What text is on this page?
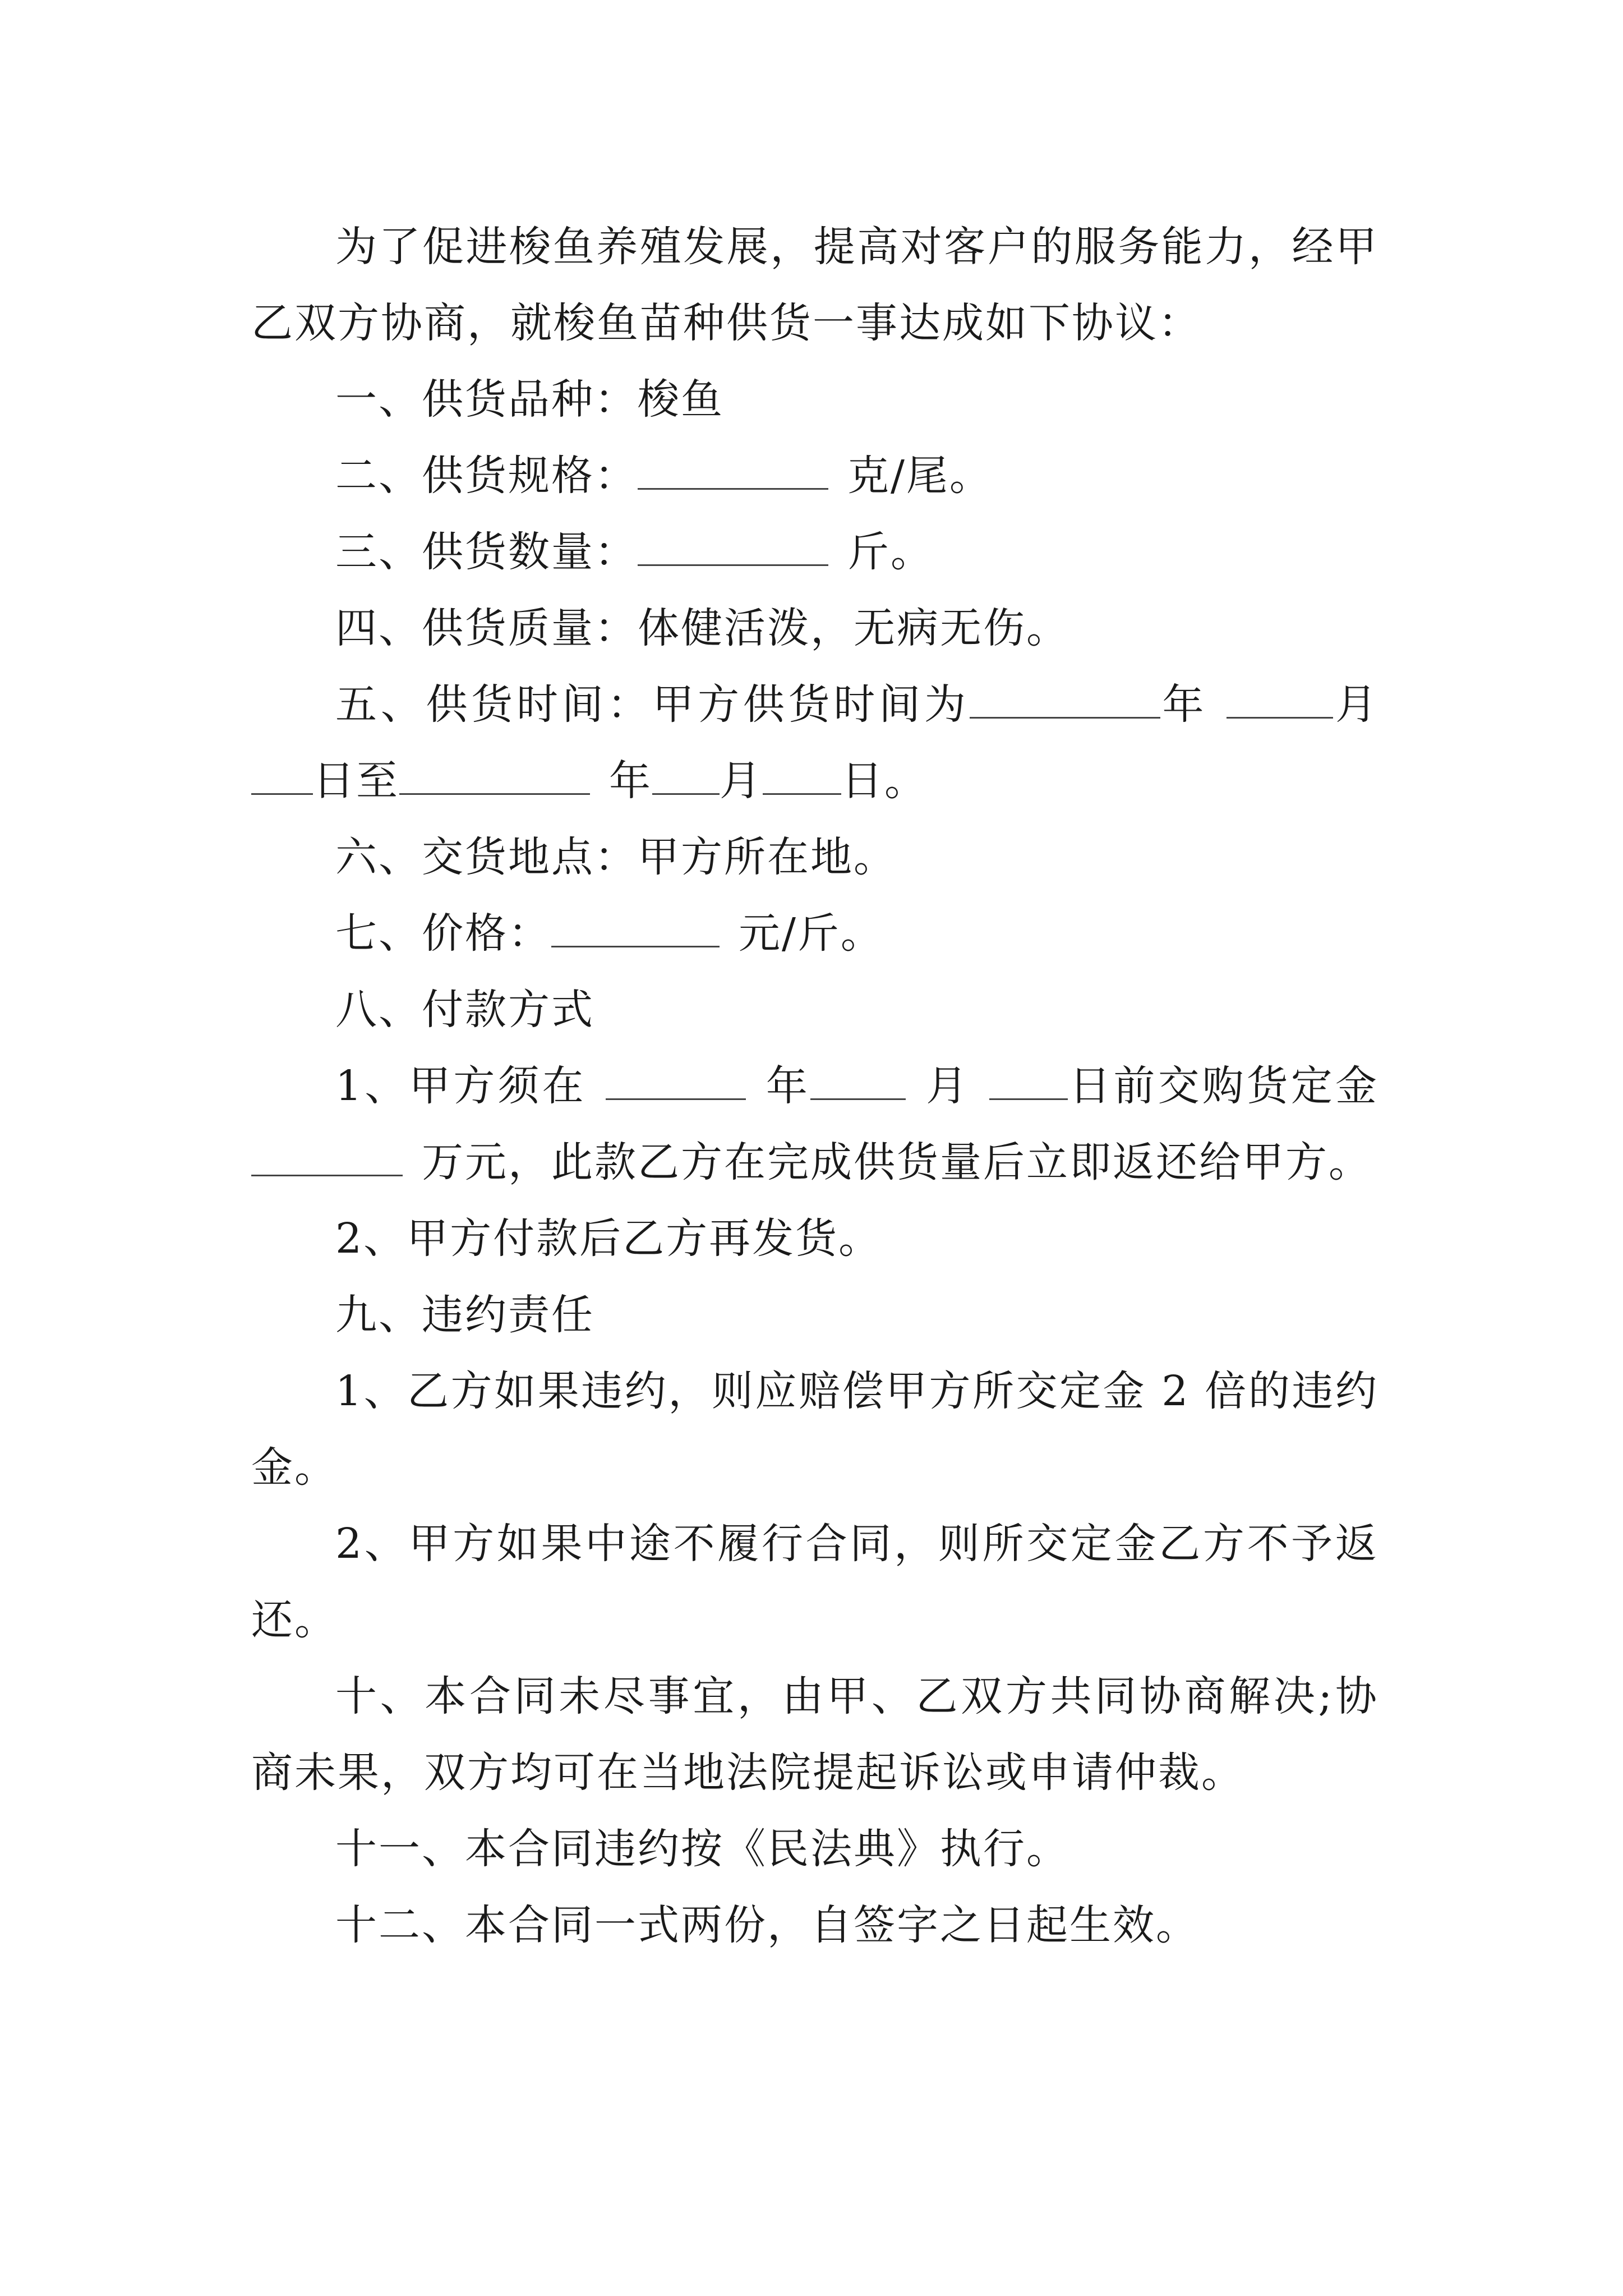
为了促进梭鱼养殖发展，提高对客户的服务能力，经甲乙双方协商，就梭鱼苗种供货一事达成如下协议：

一、供货品种：梭鱼

二、供货规格：	克/尾。

三、供货数量：	斤。

四、供货质量：体健活泼，无病无伤。

五、供货时间：甲方供货时间为	年	月日至	年 月 日。

六、交货地点：甲方所在地。

七、价格：	元/斤。

八、付款方式

1、甲方须在	年	月 日前交购货定金万元，此款乙方在完成供货量后立即返还给甲方。

2、甲方付款后乙方再发货。

九、违约责任

1、乙方如果违约，则应赔偿甲方所交定金 2 倍的违约金。

2、甲方如果中途不履行合同，则所交定金乙方不予返还。

十、本合同未尽事宜，由甲、乙双方共同协商解决;协商未果，双方均可在当地法院提起诉讼或申请仲裁。

十一、本合同违约按《民法典》执行。

十二、本合同一式两份，自签字之日起生效。
